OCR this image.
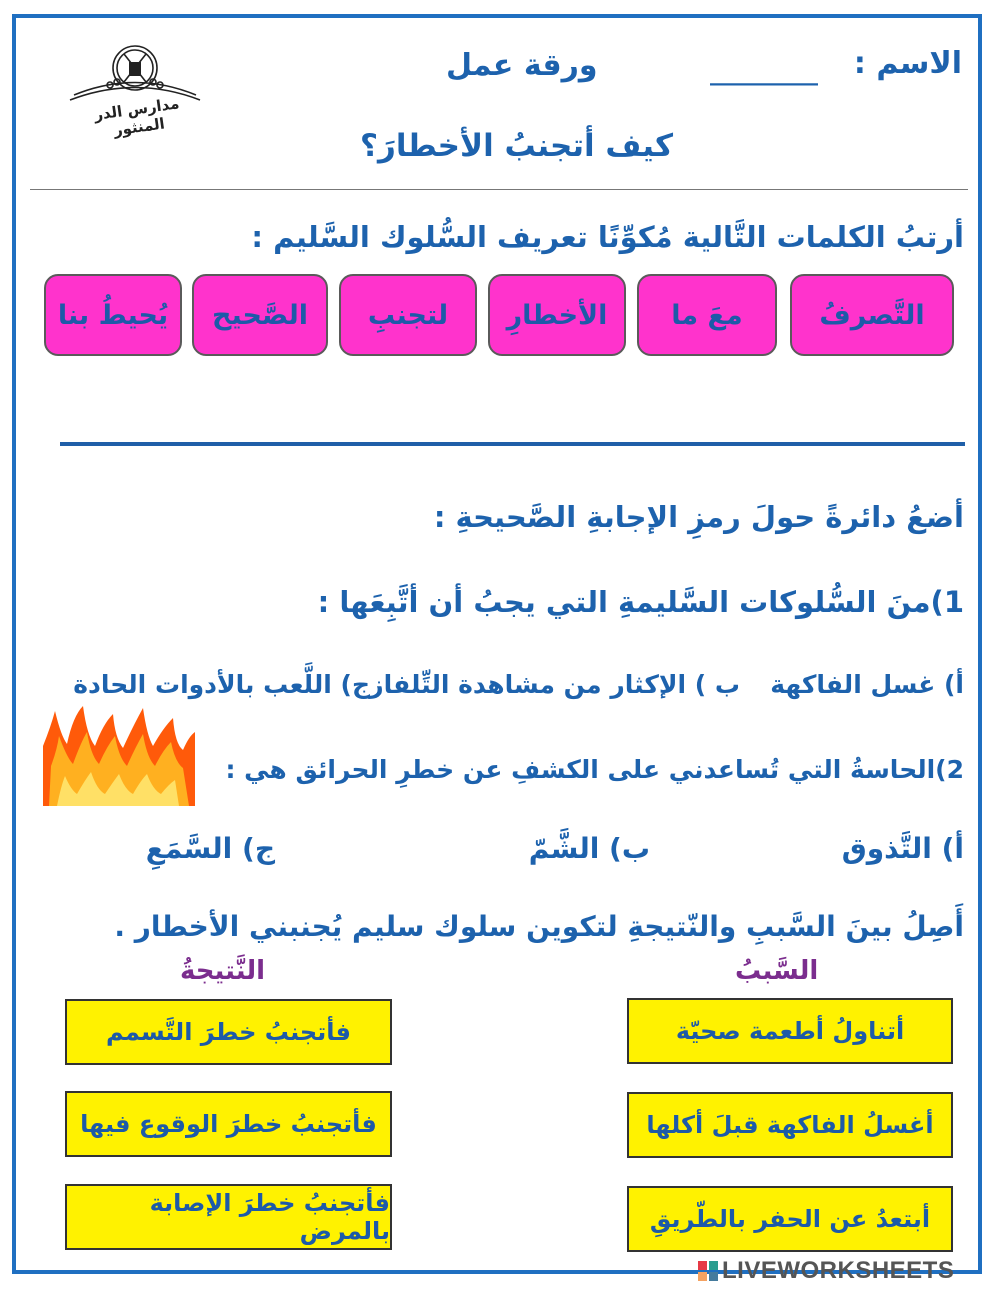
مدارس الدر المنثور
الاسم :
_________
ورقة عمل
كيف أتجنبُ الأخطارَ؟
أرتبُ الكلمات التَّالية مُكوِّنًا تعريف السُّلوك السَّليم :
التَّصرفُ
معَ ما
الأخطارِ
لتجنبِ
الصَّحيح
يُحيطُ بنا
أضعُ دائرةً حولَ رمزِ الإجابةِ الصَّحيحةِ :
1)منَ السُّلوكات السَّليمةِ التي يجبُ أن أتَّبِعَها :
أ) غسل الفاكهة
ب ) الإكثار من مشاهدة التِّلفاز
ج) اللَّعب بالأدوات الحادة
2)الحاسةُ التي تُساعدني على الكشفِ عن خطرِ الحرائق هي :
أ) التَّذوق
ب) الشَّمّ
ج) السَّمَعِ
أَصِلُ بينَ السَّببِ والنّتيجةِ لتكوين سلوك سليم يُجنبني الأخطار .
السَّببُ
النَّتيجةُ
أتناولُ أطعمة صحيّة
أغسلُ الفاكهة قبلَ أكلها
أبتعدُ عن الحفر بالطّريقِ
فأتجنبُ خطرَ التَّسمم
فأتجنبُ خطرَ الوقوع فيها
فأتجنبُ خطرَ الإصابة بالمرض
LIVEWORKSHEETS
